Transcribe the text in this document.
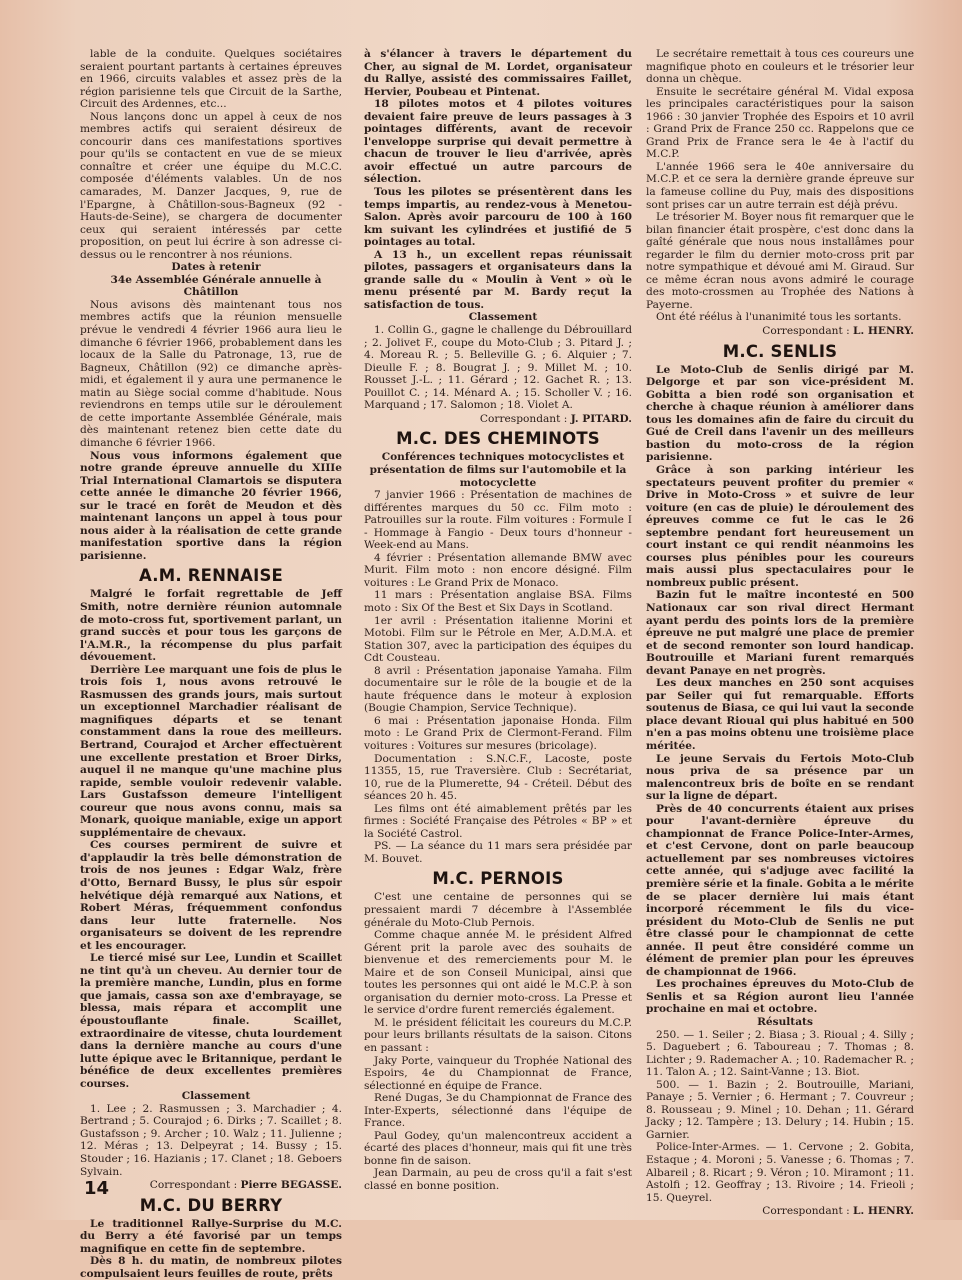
lable de la conduite. Quelques sociétaires seraient pourtant partants à certaines épreuves en 1966, circuits valables et assez près de la région parisienne tels que Circuit de la Sarthe, Circuit des Ardennes, etc...

Nous lançons donc un appel à ceux de nos membres actifs qui seraient désireux de concourir dans ces manifestations sportives pour qu'ils se contactent en vue de se mieux connaître et créer une équipe du M.C.C. composée d'éléments valables. Un de nos camarades, M. Danzer Jacques, 9, rue de l'Epargne, à Châtillon-sous-Bagneux (92 - Hauts-de-Seine), se chargera de documenter ceux qui seraient intéressés par cette proposition, on peut lui écrire à son adresse ci-dessus ou le rencontrer à nos réunions.

Dates à retenir

34e Assemblée Générale annuelle à Châtillon

Nous avisons dès maintenant tous nos membres actifs que la réunion mensuelle prévue le vendredi 4 février 1966 aura lieu le dimanche 6 février 1966, probablement dans les locaux de la Salle du Patronage, 13, rue de Bagneux, Châtillon (92) ce dimanche après-midi, et également il y aura une permanence le matin au Siège social comme d'habitude. Nous reviendrons en temps utile sur le déroulement de cette importante Assemblée Générale, mais dès maintenant retenez bien cette date du dimanche 6 février 1966.

Nous vous informons également que notre grande épreuve annuelle du XIIIe Trial International Clamartois se disputera cette année le dimanche 20 février 1966, sur le tracé en forêt de Meudon et dès maintenant lançons un appel à tous pour nous aider à la réalisation de cette grande manifestation sportive dans la région parisienne.

A.M. RENNAISE

Malgré le forfait regrettable de Jeff Smith, notre dernière réunion automnale de moto-cross fut, sportivement parlant, un grand succès et pour tous les garçons de l'A.M.R., la récompense du plus parfait dévouement.

Derrière Lee marquant une fois de plus le trois fois 1, nous avons retrouvé le Rasmussen des grands jours, mais surtout un exceptionnel Marchadier réalisant de magnifiques départs et se tenant constamment dans la roue des meilleurs. Bertrand, Courajod et Archer effectuèrent une excellente prestation et Broer Dirks, auquel il ne manque qu'une machine plus rapide, semble vouloir redevenir valable. Lars Gustafsson demeure l'intelligent coureur que nous avons connu, mais sa Monark, quoique maniable, exige un apport supplémentaire de chevaux.

Ces courses permirent de suivre et d'applaudir la très belle démonstration de trois de nos jeunes : Edgar Walz, frère d'Otto, Bernard Bussy, le plus sûr espoir helvétique déjà remarqué aux Nations, et Robert Méras, fréquemment confondus dans leur lutte fraternelle. Nos organisateurs se doivent de les reprendre et les encourager.

Le tiercé misé sur Lee, Lundin et Scaillet ne tint qu'à un cheveu. Au dernier tour de la première manche, Lundin, plus en forme que jamais, cassa son axe d'embrayage, se blessa, mais répara et accomplit une époustouflante finale. Scaillet, extraordinaire de vitesse, chuta lourdement dans la dernière manche au cours d'une lutte épique avec le Britannique, perdant le bénéfice de deux excellentes premières courses.

Classement

1. Lee ; 2. Rasmussen ; 3. Marchadier ; 4. Bertrand ; 5. Courajod ; 6. Dirks ; 7. Scaillet ; 8. Gustafsson ; 9. Archer ; 10. Walz ; 11. Julienne ; 12. Méras ; 13. Delpeyrat ; 14. Bussy ; 15. Stouder ; 16. Hazianis ; 17. Clanet ; 18. Geboers Sylvain.

Correspondant : Pierre BEGASSE.
M.C. DU BERRY

Le traditionnel Rallye-Surprise du M.C. du Berry a été favorisé par un temps magnifique en cette fin de septembre.

Dès 8 h. du matin, de nombreux pilotes compulsaient leurs feuilles de route, prêts

à s'élancer à travers le département du Cher, au signal de M. Lordet, organisateur du Rallye, assisté des commissaires Faillet, Hervier, Poubeau et Pintenat.

18 pilotes motos et 4 pilotes voitures devaient faire preuve de leurs passages à 3 pointages différents, avant de recevoir l'enveloppe surprise qui devait permettre à chacun de trouver le lieu d'arrivée, après avoir effectué un autre parcours de sélection.

Tous les pilotes se présentèrent dans les temps impartis, au rendez-vous à Menetou-Salon. Après avoir parcouru de 100 à 160 km suivant les cylindrées et justifié de 5 pointages au total.

A 13 h., un excellent repas réunissait pilotes, passagers et organisateurs dans la grande salle du « Moulin à Vent » où le menu présenté par M. Bardy reçut la satisfaction de tous.

Classement

1. Collin G., gagne le challenge du Débrouillard ; 2. Jolivet F., coupe du Moto-Club ; 3. Pitard J. ; 4. Moreau R. ; 5. Belleville G. ; 6. Alquier ; 7. Dieulle F. ; 8. Bougrat J. ; 9. Millet M. ; 10. Rousset J.-L. ; 11. Gérard ; 12. Gachet R. ; 13. Pouillot C. ; 14. Ménard A. ; 15. Scholler V. ; 16. Marquand ; 17. Salomon ; 18. Violet A.

Correspondant : J. PITARD.
M.C. DES CHEMINOTS

Conférences techniques motocyclistes et présentation de films sur l'automobile et la motocyclette

7 janvier 1966 : Présentation de machines de différentes marques du 50 cc. Film moto : Patrouilles sur la route. Film voitures : Formule I - Hommage à Fangio - Deux tours d'honneur - Week-end au Mans.

4 février : Présentation allemande BMW avec Murit. Film moto : non encore désigné. Film voitures : Le Grand Prix de Monaco.

11 mars : Présentation anglaise BSA. Films moto : Six Of the Best et Six Days in Scotland.

1er avril : Présentation italienne Morini et Motobi. Film sur le Pétrole en Mer, A.D.M.A. et Station 307, avec la participation des équipes du Cdt Cousteau.

8 avril : Présentation japonaise Yamaha. Film documentaire sur le rôle de la bougie et de la haute fréquence dans le moteur à explosion (Bougie Champion, Service Technique).

6 mai : Présentation japonaise Honda. Film moto : Le Grand Prix de Clermont-Ferand. Film voitures : Voitures sur mesures (bricolage).

Documentation : S.N.C.F., Lacoste, poste 11355, 15, rue Traversière. Club : Secrétariat, 10, rue de la Plumerette, 94 - Créteil. Début des séances 20 h. 45.

Les films ont été aimablement prêtés par les firmes : Société Française des Pétroles « BP » et la Société Castrol.

PS. — La séance du 11 mars sera présidée par M. Bouvet.

M.C. PERNOIS

C'est une centaine de personnes qui se pressaient mardi 7 décembre à l'Assemblée générale du Moto-Club Pernois.

Comme chaque année M. le président Alfred Gérent prit la parole avec des souhaits de bienvenue et des remerciements pour M. le Maire et de son Conseil Municipal, ainsi que toutes les personnes qui ont aidé le M.C.P. à son organisation du dernier moto-cross. La Presse et le service d'ordre furent remerciés également.

M. le président félicitait les coureurs du M.C.P. pour leurs brillants résultats de la saison. Citons en passant :

Jaky Porte, vainqueur du Trophée National des Espoirs, 4e du Championnat de France, sélectionné en équipe de France.

René Dugas, 3e du Championnat de France des Inter-Experts, sélectionné dans l'équipe de France.

Paul Godey, qu'un malencontreux accident a écarté des places d'honneur, mais qui fit une très bonne fin de saison.

Jean Darmain, au peu de cross qu'il a fait s'est classé en bonne position.

Le secrétaire remettait à tous ces coureurs une magnifique photo en couleurs et le trésorier leur donna un chèque.

Ensuite le secrétaire général M. Vidal exposa les principales caractéristiques pour la saison 1966 : 30 janvier Trophée des Espoirs et 10 avril : Grand Prix de France 250 cc. Rappelons que ce Grand Prix de France sera le 4e à l'actif du M.C.P.

L'année 1966 sera le 40e anniversaire du M.C.P. et ce sera la dernière grande épreuve sur la fameuse colline du Puy, mais des dispositions sont prises car un autre terrain est déjà prévu.

Le trésorier M. Boyer nous fit remarquer que le bilan financier était prospère, c'est donc dans la gaîté générale que nous nous installâmes pour regarder le film du dernier moto-cross prit par notre sympathique et dévoué ami M. Giraud. Sur ce même écran nous avons admiré le courage des moto-crossmen au Trophée des Nations à Payerne.

Ont été réélus à l'unanimité tous les sortants.

Correspondant : L. HENRY.
M.C. SENLIS

Le Moto-Club de Senlis dirigé par M. Delgorge et par son vice-président M. Gobitta a bien rodé son organisation et cherche à chaque réunion à améliorer dans tous les domaines afin de faire du circuit du Gué de Creil dans l'avenir un des meilleurs bastion du moto-cross de la région parisienne.

Grâce à son parking intérieur les spectateurs peuvent profiter du premier « Drive in Moto-Cross » et suivre de leur voiture (en cas de pluie) le déroulement des épreuves comme ce fut le cas le 26 septembre pendant fort heureusement un court instant ce qui rendit néanmoins les courses plus pénibles pour les coureurs mais aussi plus spectaculaires pour le nombreux public présent.

Bazin fut le maître incontesté en 500 Nationaux car son rival direct Hermant ayant perdu des points lors de la première épreuve ne put malgré une place de premier et de second remonter son lourd handicap. Boutrouille et Mariani furent remarqués devant Panaye en net progrès.

Les deux manches en 250 sont acquises par Seiler qui fut remarquable. Efforts soutenus de Biasa, ce qui lui vaut la seconde place devant Rioual qui plus habitué en 500 n'en a pas moins obtenu une troisième place méritée.

Le jeune Servais du Fertois Moto-Club nous priva de sa présence par un malencontreux bris de boîte en se rendant sur la ligne de départ.

Près de 40 concurrents étaient aux prises pour l'avant-dernière épreuve du championnat de France Police-Inter-Armes, et c'est Cervone, dont on parle beaucoup actuellement par ses nombreuses victoires cette année, qui s'adjuge avec facilité la première série et la finale. Gobita a le mérite de se placer dernière lui mais étant incorporé récemment le fils du vice-président du Moto-Club de Senlis ne put être classé pour le championnat de cette année. Il peut être considéré comme un élément de premier plan pour les épreuves de championnat de 1966.

Les prochaines épreuves du Moto-Club de Senlis et sa Région auront lieu l'année prochaine en mai et octobre.

Résultats

250. — 1. Seiler ; 2. Biasa ; 3. Rioual ; 4. Silly ; 5. Daguebert ; 6. Taboureau ; 7. Thomas ; 8. Lichter ; 9. Rademacher A. ; 10. Rademacher R. ; 11. Talon A. ; 12. Saint-Vanne ; 13. Biot.

500. — 1. Bazin ; 2. Boutrouille, Mariani, Panaye ; 5. Vernier ; 6. Hermant ; 7. Couvreur ; 8. Rousseau ; 9. Minel ; 10. Dehan ; 11. Gérard Jacky ; 12. Tampère ; 13. Delury ; 14. Hubin ; 15. Garnier.

Police-Inter-Armes. — 1. Cervone ; 2. Gobita, Estaque ; 4. Moroni ; 5. Vanesse ; 6. Thomas ; 7. Albareil ; 8. Ricart ; 9. Véron ; 10. Miramont ; 11. Astolfi ; 12. Geoffray ; 13. Rivoire ; 14. Frieoli ; 15. Queyrel.

Correspondant : L. HENRY.
14
